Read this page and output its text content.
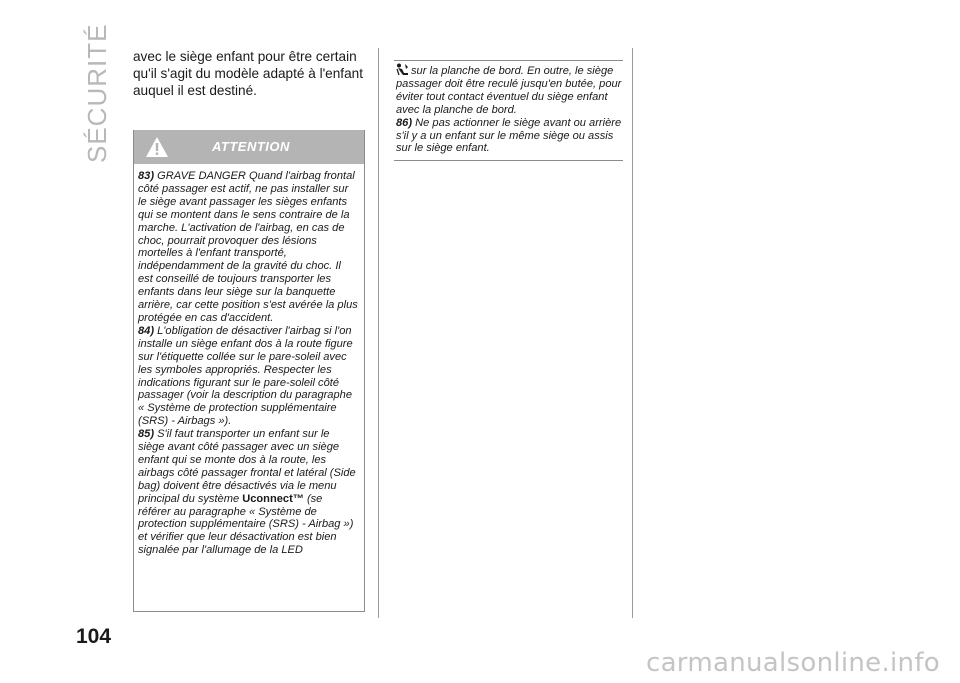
SÉCURITÉ avec le siège enfant pour être certain qu'il s'agit du modèle adapté à l'enfant auquel il est destiné.
ATTENTION

83) GRAVE DANGER Quand l'airbag frontal côté passager est actif, ne pas installer sur le siège avant passager les sièges enfants qui se montent dans le sens contraire de la marche. L'activation de l'airbag, en cas de choc, pourrait provoquer des lésions mortelles à l'enfant transporté, indépendamment de la gravité du choc. Il est conseillé de toujours transporter les enfants dans leur siège sur la banquette arrière, car cette position s'est avérée la plus protégée en cas d'accident.

84) L'obligation de désactiver l'airbag si l'on installe un siège enfant dos à la route figure sur l'étiquette collée sur le pare-soleil avec les symboles appropriés. Respecter les indications figurant sur le pare-soleil côté passager (voir la description du paragraphe « Système de protection supplémentaire (SRS) - Airbags »).

85) S'il faut transporter un enfant sur le siège avant côté passager avec un siège enfant qui se monte dos à la route, les airbags côté passager frontal et latéral (Side bag) doivent être désactivés via le menu principal du système Uconnect™ (se référer au paragraphe « Système de protection supplémentaire (SRS) - Airbag ») et vérifier que leur désactivation est bien signalée par l'allumage de la LED

sur la planche de bord. En outre, le siège passager doit être reculé jusqu'en butée, pour éviter tout contact éventuel du siège enfant avec la planche de bord.

86) Ne pas actionner le siège avant ou arrière s'il y a un enfant sur le même siège ou assis sur le siège enfant.

104
carmanualsonline.info
